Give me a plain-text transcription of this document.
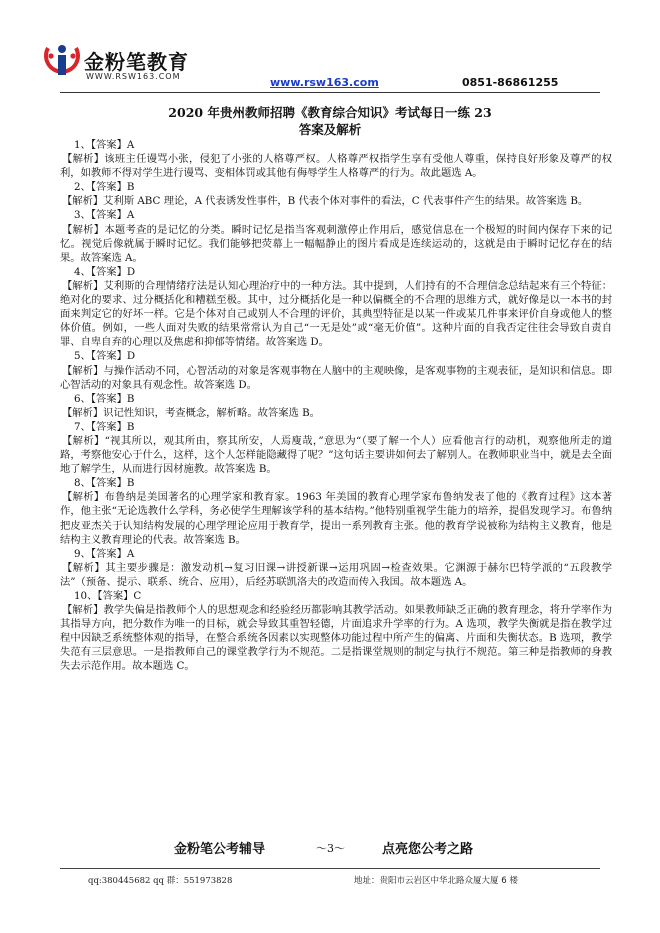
金粉笔教育
WWW.RSW163.COM	www.rsw163.com	0851-86861255
2020 年贵州教师招聘《教育综合知识》考试每日一练 23
答案及解析

1、【答案】A

【解析】该班主任谩骂小张，侵犯了小张的人格尊严权。人格尊严权指学生享有受他人尊重，保持良好形象及尊严的权利，如教师不得对学生进行谩骂、变相体罚或其他有侮辱学生人格尊严的行为。故此题选 A。

2、【答案】B

【解析】艾利斯 ABC 理论，A 代表诱发性事件，B 代表个体对事件的看法，C 代表事件产生的结果。故答案选 B。

3、【答案】A

【解析】本题考查的是记忆的分类。瞬时记忆是指当客观刺激停止作用后，感觉信息在一个极短的时间内保存下来的记忆。视觉后像就属于瞬时记忆。我们能够把荧幕上一幅幅静止的图片看成是连续运动的，这就是由于瞬时记忆存在的结果。故答案选 A。

4、【答案】D

【解析】艾利斯的合理情绪疗法是认知心理治疗中的一种方法。其中提到，人们持有的不合理信念总结起来有三个特征：绝对化的要求、过分概括化和糟糕至极。其中，过分概括化是一种以偏概全的不合理的思维方式，就好像是以一本书的封面来判定它的好坏一样。它是个体对自己或别人不合理的评价，其典型特征是以某一件或某几件事来评价自身或他人的整体价值。例如，一些人面对失败的结果常常认为自己“一无是处”或“毫无价值”。这种片面的自我否定往往会导致自责自罪、自卑自弃的心理以及焦虑和抑郁等情绪。故答案选 D。

5、【答案】D

【解析】与操作活动不同，心智活动的对象是客观事物在人脑中的主观映像，是客观事物的主观表征，是知识和信息。即心智活动的对象具有观念性。故答案选 D。

6、【答案】B

【解析】识记性知识，考查概念，解析略。故答案选 B。

7、【答案】B

【解析】“视其所以，观其所由，察其所安，人焉廋哉，”意思为“（要了解一个人）应看他言行的动机，观察他所走的道路，考察他安心于什么，这样，这个人怎样能隐藏得了呢？”这句话主要讲如何去了解别人。在教师职业当中，就是去全面地了解学生，从而进行因材施教。故答案选 B。

8、【答案】B

【解析】布鲁纳是美国著名的心理学家和教育家。1963 年美国的教育心理学家布鲁纳发表了他的《教育过程》这本著作，他主张“无论选教什么学科，务必使学生理解该学科的基本结构。”他特别重视学生能力的培养，提倡发现学习。布鲁纳把皮亚杰关于认知结构发展的心理学理论应用于教育学，提出一系列教育主张。他的教育学说被称为结构主义教育，他是结构主义教育理论的代表。故答案选 B。

9、【答案】A

【解析】其主要步骤是：激发动机→复习旧课→讲授新课→运用巩固→检查效果。它渊源于赫尔巴特学派的“五段教学法”（预备、提示、联系、统合、应用），后经苏联凯洛夫的改造而传入我国。故本题选 A。

10、【答案】C

【解析】教学失偏是指教师个人的思想观念和经验经历都影响其教学活动。如果教师缺乏正确的教育理念，将升学率作为其指导方向，把分数作为唯一的目标，就会导致其重智轻德，片面追求升学率的行为。A 选项，教学失衡就是指在教学过程中因缺乏系统整体观的指导，在整合系统各因素以实现整体功能过程中所产生的偏离、片面和失衡状态。B 选项，教学失范有三层意思。一是指教师自己的课堂教学行为不规范。二是指课堂规则的制定与执行不规范。第三种是指教师的身教失去示范作用。故本题选 C。

金粉笔公考辅导	～3～	点亮您公考之路
qq:380445682 qq 群：551973828	地址：贵阳市云岩区中华北路众厦大厦 6 楼
